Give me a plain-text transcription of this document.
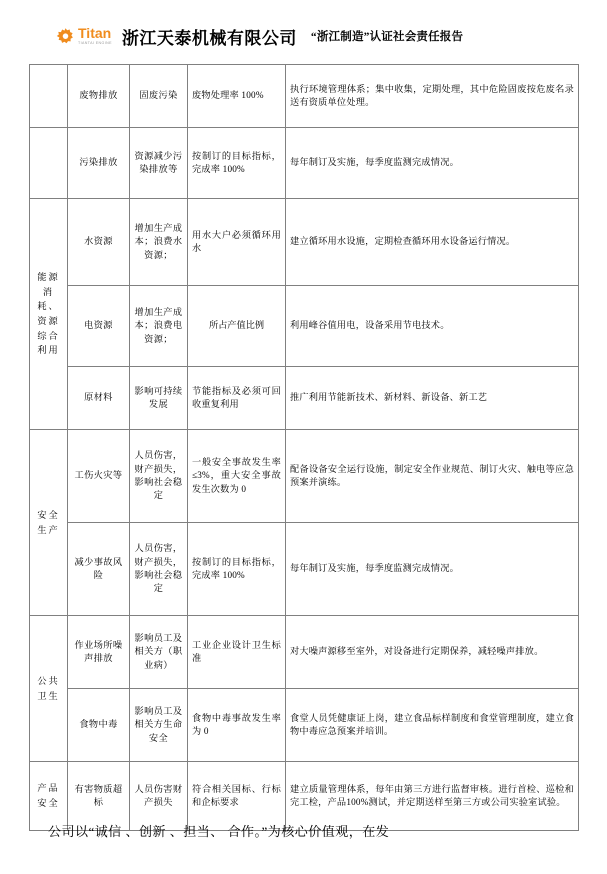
Titan
TIANTAI ENGINE 浙江天泰机械有限公司 “浙江制造”认证社会责任报告
	废物排放	固废污染	废物处理率 100%	执行环境管理体系；集中收集，定期处理，其中危险固废按危废名录送有资质单位处理。
	污染排放	资源减少污染排放等	按制订的目标指标，完成率 100%	每年制订及实施，每季度监测完成情况。
能源消耗、资源综合利用	水资源	增加生产成本；浪费水资源；	用水大户必须循环用水	建立循环用水设施，定期检查循环用水设备运行情况。
	电资源	增加生产成本；浪费电资源；	所占产值比例	利用峰谷值用电，设备采用节电技术。
	原材料	影响可持续发展	节能指标及必须可回收重复利用	推广利用节能新技术、新材料、新设备、新工艺
安全生产	工伤火灾等	人员伤害，财产损失，影响社会稳定	一般安全事故发生率≤3%，重大安全事故发生次数为 0	配备设备安全运行设施，制定安全作业规范、制订火灾、触电等应急预案并演练。
	减少事故风险	人员伤害，财产损失，影响社会稳定	按制订的目标指标，完成率 100%	每年制订及实施，每季度监测完成情况。
公共卫生	作业场所噪声排放	影响员工及相关方（职业病）	工业企业设计卫生标准	对大噪声源移至室外，对设备进行定期保养，减轻噪声排放。
	食物中毒	影响员工及相关方生命安全	食物中毒事故发生率为 0	食堂人员凭健康证上岗，建立食品标样制度和食堂管理制度，建立食物中毒应急预案并培训。
产品安全	有害物质超标	人员伤害财产损失	符合相关国标、行标和企标要求	建立质量管理体系，每年由第三方进行监督审核。进行首检、巡检和完工检，产品100%测试，并定期送样至第三方或公司实验室试验。
公司以“诚信 、创新 、担当、 合作。”为核心价值观，在发
